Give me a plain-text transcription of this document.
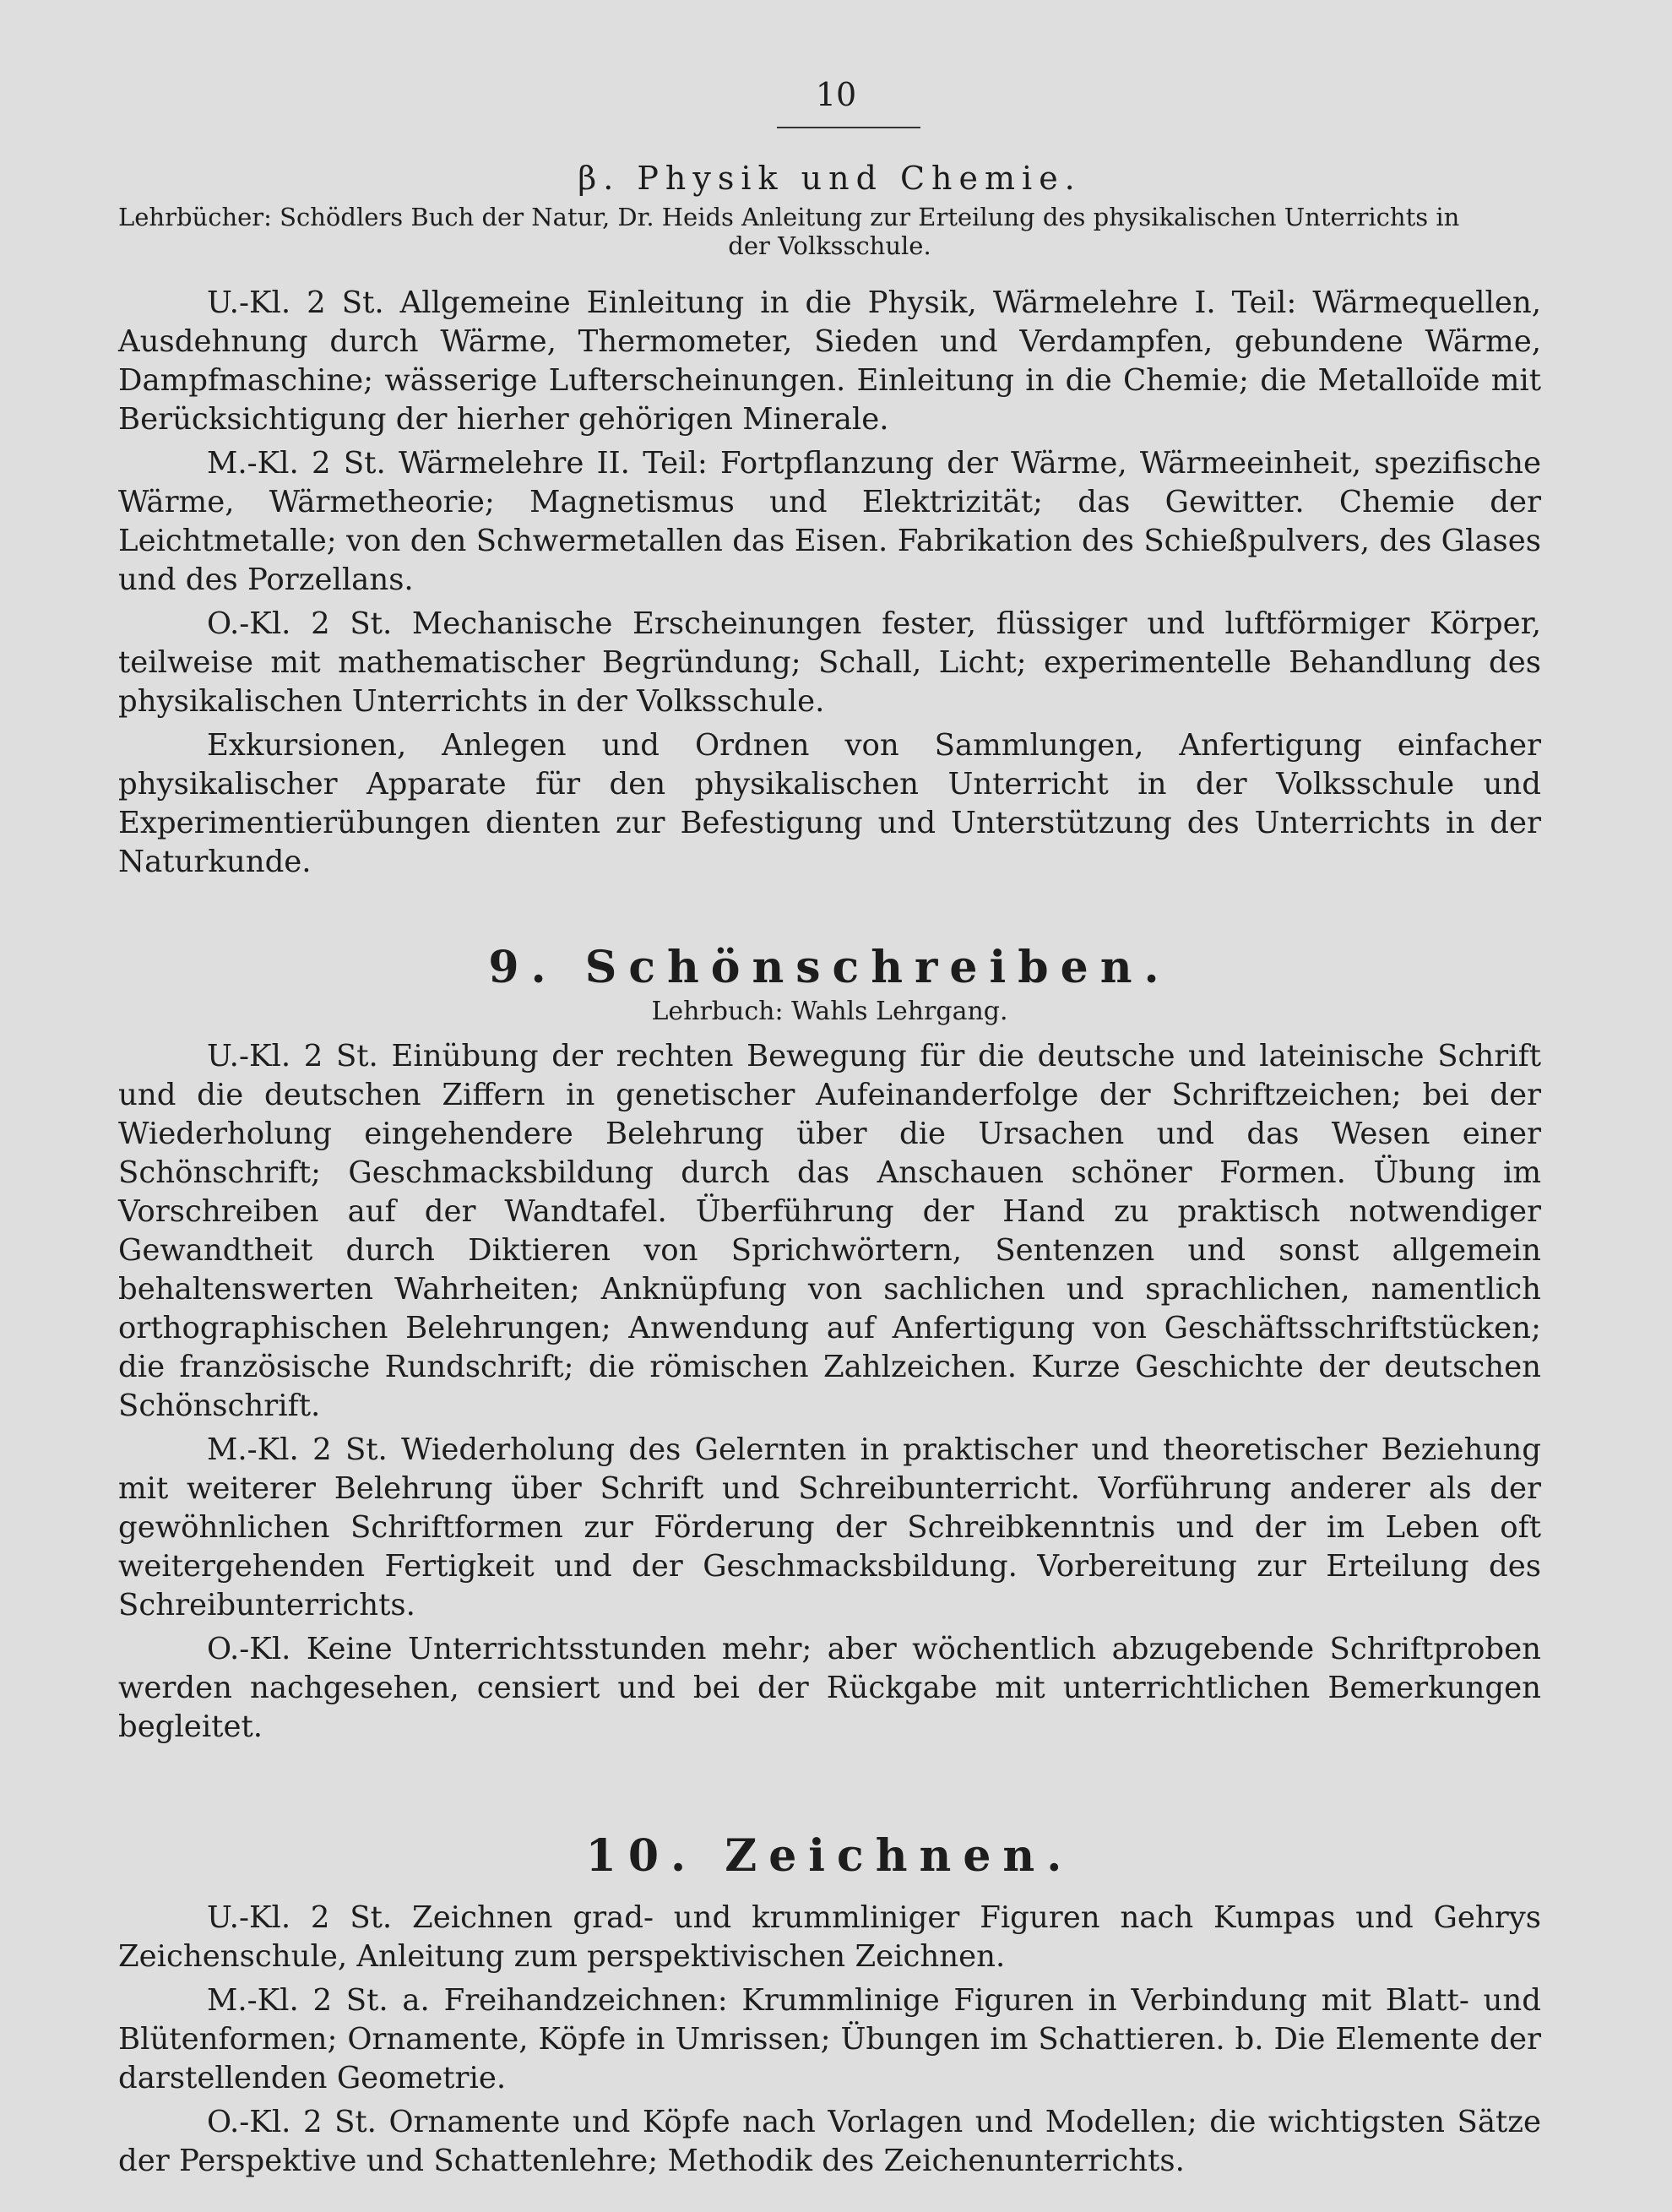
10
β. Physik und Chemie.

Lehrbücher: Schödlers Buch der Natur, Dr. Heids Anleitung zur Erteilung des physikalischen Unterrichts in
der Volksschule.

U.-Kl. 2 St. Allgemeine Einleitung in die Physik, Wärmelehre I. Teil: Wärmequellen, Ausdehnung durch Wärme, Thermometer, Sieden und Verdampfen, gebundene Wärme, Dampfmaschine; wässerige Lufterscheinungen. Einleitung in die Chemie; die Metalloïde mit Berücksichtigung der hierher gehörigen Minerale.

M.-Kl. 2 St. Wärmelehre II. Teil: Fortpflanzung der Wärme, Wärmeeinheit, spezifische Wärme, Wärmetheorie; Magnetismus und Elektrizität; das Gewitter. Chemie der Leichtmetalle; von den Schwermetallen das Eisen. Fabrikation des Schießpulvers, des Glases und des Porzellans.

O.-Kl. 2 St. Mechanische Erscheinungen fester, flüssiger und luftförmiger Körper, teilweise mit mathematischer Begründung; Schall, Licht; experimentelle Behandlung des physikalischen Unterrichts in der Volksschule.

Exkursionen, Anlegen und Ordnen von Sammlungen, Anfertigung einfacher physikalischer Apparate für den physikalischen Unterricht in der Volksschule und Experimentierübungen dienten zur Befestigung und Unterstützung des Unterrichts in der Naturkunde.

9. Schönschreiben.

Lehrbuch: Wahls Lehrgang.

U.-Kl. 2 St. Einübung der rechten Bewegung für die deutsche und lateinische Schrift und die deutschen Ziffern in genetischer Aufeinanderfolge der Schriftzeichen; bei der Wiederholung eingehendere Belehrung über die Ursachen und das Wesen einer Schönschrift; Geschmacksbildung durch das Anschauen schöner Formen. Übung im Vorschreiben auf der Wandtafel. Überführung der Hand zu praktisch notwendiger Gewandtheit durch Diktieren von Sprichwörtern, Sentenzen und sonst allgemein behaltenswerten Wahrheiten; Anknüpfung von sachlichen und sprachlichen, namentlich orthographischen Belehrungen; Anwendung auf Anfertigung von Geschäftsschriftstücken; die französische Rundschrift; die römischen Zahlzeichen. Kurze Geschichte der deutschen Schönschrift.

M.-Kl. 2 St. Wiederholung des Gelernten in praktischer und theoretischer Beziehung mit weiterer Belehrung über Schrift und Schreibunterricht. Vorführung anderer als der gewöhnlichen Schriftformen zur Förderung der Schreibkenntnis und der im Leben oft weitergehenden Fertigkeit und der Geschmacksbildung. Vorbereitung zur Erteilung des Schreibunterrichts.

O.-Kl. Keine Unterrichtsstunden mehr; aber wöchentlich abzugebende Schriftproben werden nachgesehen, censiert und bei der Rückgabe mit unterrichtlichen Bemerkungen begleitet.

10. Zeichnen.

U.-Kl. 2 St. Zeichnen grad- und krummliniger Figuren nach Kumpas und Gehrys Zeichenschule, Anleitung zum perspektivischen Zeichnen.

M.-Kl. 2 St. a. Freihandzeichnen: Krummlinige Figuren in Verbindung mit Blatt- und Blütenformen; Ornamente, Köpfe in Umrissen; Übungen im Schattieren. b. Die Elemente der darstellenden Geometrie.

O.-Kl. 2 St. Ornamente und Köpfe nach Vorlagen und Modellen; die wichtigsten Sätze der Perspektive und Schattenlehre; Methodik des Zeichenunterrichts.
